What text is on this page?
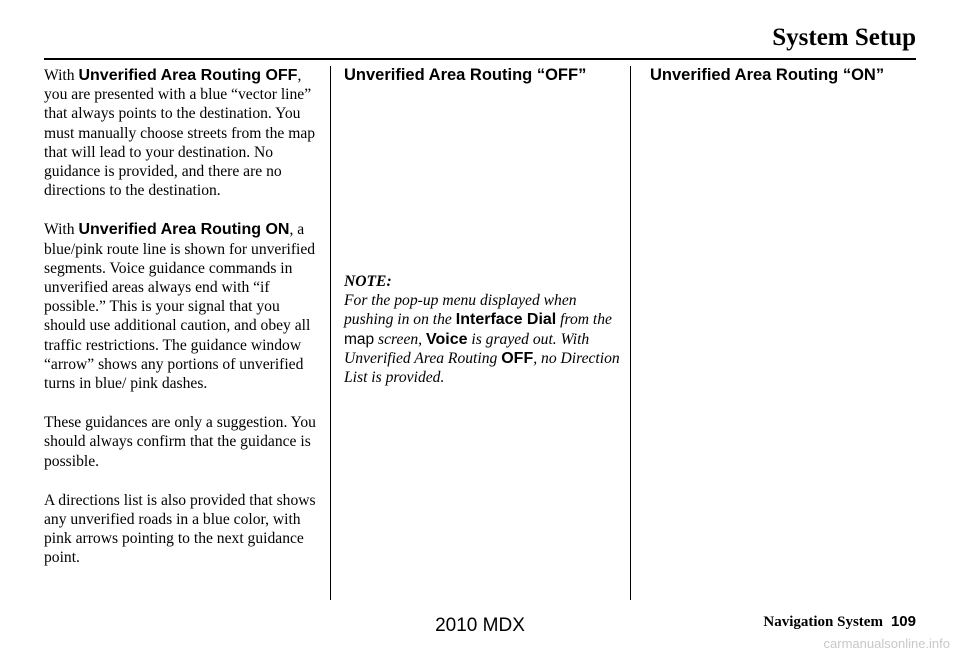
System Setup

With Unverified Area Routing OFF, you are presented with a blue “vector line” that always points to the destination. You must manually choose streets from the map that will lead to your destination. No guidance is provided, and there are no directions to the destination.

With Unverified Area Routing ON, a blue/pink route line is shown for unverified segments. Voice guidance commands in unverified areas always end with “if possible.” This is your signal that you should use additional caution, and obey all traffic restrictions. The guidance window “arrow” shows any portions of unverified turns in blue/ pink dashes.

These guidances are only a suggestion. You should always confirm that the guidance is possible.

A directions list is also provided that shows any unverified roads in a blue color, with pink arrows pointing to the next guidance point.

Unverified Area Routing “OFF”

NOTE:
For the pop-up menu displayed when pushing in on the Interface Dial from the map screen, Voice is grayed out. With Unverified Area Routing OFF, no Direction List is provided.

Unverified Area Routing “ON”

Navigation System 109
2010 MDX
carmanualsonline.info
